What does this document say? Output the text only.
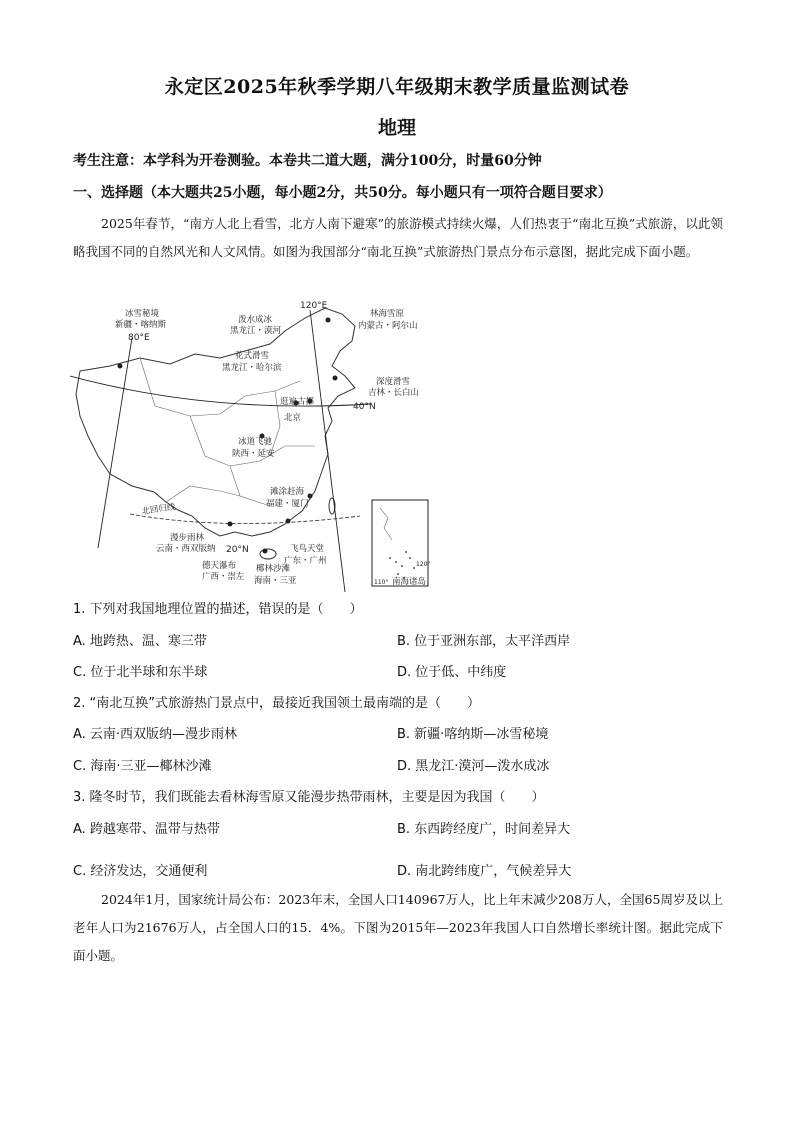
永定区2025年秋季学期八年级期末教学质量监测试卷
地理
考生注意：本学科为开卷测验。本卷共二道大题，满分100分，时量60分钟
一、选择题（本大题共25小题，每小题2分，共50分。每小题只有一项符合题目要求）
2025年春节，“南方人北上看雪，北方人南下避寒”的旅游模式持续火爆，人们热衷于“南北互换”式旅游，以此领略我国不同的自然风光和人文风情。如图为我国部分“南北互换”式旅游热门景点分布示意图，据此完成下面小题。
冰雪秘境
新疆・喀纳斯
80°E
120°E
泼水成冰
黑龙江・漠河
林海雪原
内蒙古・阿尔山
花式滑雪
黑龙江・哈尔滨
深度滑雪
吉林・长白山
40°N
逛遍古都
北京
冰道飞驰
陕西・延安
滩涂赶海
福建・厦门
北回归线
漫步雨林
云南・西双版纳 20°N	飞鸟天堂
广东・广州
德天瀑布
广西・崇左
椰林沙滩
海南・三亚	南海诸岛
110°
120°
1. 下列对我国地理位置的描述，错误的是（　　）
A. 地跨热、温、寒三带	B. 位于亚洲东部，太平洋西岸
C. 位于北半球和东半球	D. 位于低、中纬度
2. “南北互换”式旅游热门景点中，最接近我国领土最南端的是（　　）
A. 云南·西双版纳—漫步雨林	B. 新疆·喀纳斯—冰雪秘境
C. 海南·三亚—椰林沙滩	D. 黑龙江·漠河—泼水成冰
3. 隆冬时节，我们既能去看林海雪原又能漫步热带雨林，主要是因为我国（　　）
A. 跨越寒带、温带与热带	B. 东西跨经度广，时间差异大
C. 经济发达，交通便利	D. 南北跨纬度广，气候差异大
2024年1月，国家统计局公布：2023年末，全国人口140967万人，比上年末减少208万人，全国65周岁及以上老年人口为21676万人，占全国人口的15．4%。下图为2015年—2023年我国人口自然增长率统计图。据此完成下面小题。
